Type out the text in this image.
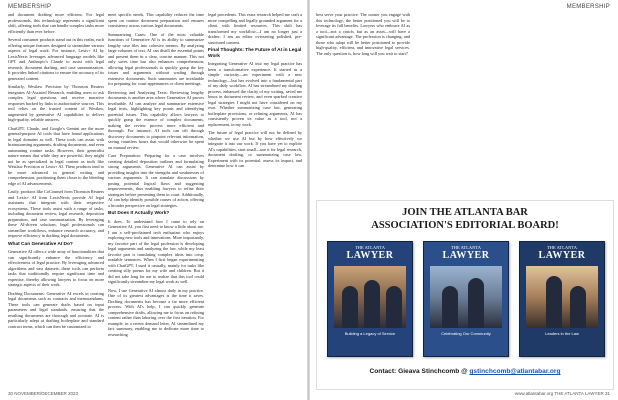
MEMBERSHIP

and document drafting more efficient. For legal professionals, this technology represents a significant shift, offering tools that can handle complex tasks more efficiently than ever before.

Several consumer products stand out in this realm, each offering unique features designed to streamline various aspects of legal work. For instance, Lexis+ AI by LexisNexis leverages advanced language models like GPT and Anthropic's Claude to assist with legal research, document drafting, and case summarization. It provides linked citations to ensure the accuracy of its generated content.

Similarly, Westlaw Precision by Thomson Reuters integrates AI-Assisted Research, enabling users to ask complex legal questions and receive narrative responses backed by links to authoritative sources. This tool relies on the trusted content of Westlaw, augmented by generative AI capabilities to deliver high-quality, reliable answers.

ChatGPT, Claude, and Google's Gemini are the more general-purpose AI tools that have found applications in legal domains as well. These tools can assist with brainstorming arguments, drafting documents, and even automating routine tasks. However, their generalist nature means that while they are powerful, they might not be as specialized in legal content as tools like Westlaw Precision or Lexis+ AI. These products tend to be more advanced in general writing and comprehension, positioning them closer to the bleeding edge of AI advancements.

Lastly, products like CoCounsel from Thomson Reuters and Lexis+ AI from LexisNexis provide AI legal assistants that integrate with their respective ecosystems. These tools assist with a range of tasks, including document review, legal research, deposition preparation, and case summarization. By leveraging these AI-driven solutions, legal professionals can streamline workflows, enhance research accuracy, and improve efficiency in drafting legal documents.

What Can Generative AI Do?

Generative AI offers a wide array of functionalities that can significantly enhance the efficiency and effectiveness of legal practice. By leveraging advanced algorithms and vast datasets, these tools can perform tasks that traditionally require significant time and expertise, thereby allowing lawyers to focus on more strategic aspects of their work.

Drafting Documents: Generative AI excels in creating legal documents such as contracts and memorandums. These tools can generate drafts based on input parameters and legal standards, ensuring that the resulting documents are thorough and accurate. AI is particularly adept at drafting boilerplate and standard contract terms, which can then be customized to

meet specific needs. This capability reduces the time spent on routine document preparation and ensures consistency across various legal documents.

Summarizing Cases: One of the most valuable functions of Generative AI is its ability to summarize lengthy case files into cohesive memos. By analyzing large volumes of text, AI can distill the essential points and present them in a clear, concise manner. This not only saves time but also enhances comprehension, allowing legal professionals to quickly grasp the key issues and arguments without wading through extensive documents. Such summaries are invaluable for preparing for court appearances or client meetings.

Reviewing and Analyzing Texts: Reviewing lengthy documents is another area where Generative AI proves invaluable. AI can analyze and summarize extensive legal texts, highlighting key points and identifying potential issues. This capability allows lawyers to quickly grasp the essence of complex documents, making the review process more efficient and thorough. For instance, AI tools can sift through discovery documents to pinpoint relevant information, saving countless hours that would otherwise be spent on manual review.

Case Preparation: Preparing for a case involves creating detailed deposition outlines and formulating strong arguments. Generative AI can assist by providing insights into the strengths and weaknesses of various arguments. It can simulate discussions by posing potential logical flaws and suggesting improvements, thus enabling lawyers to refine their strategies before presenting them in court. Additionally, AI can help identify possible causes of action, offering a broader perspective on legal strategies.

But Does It Actually Work?

It does. To understand how I came to rely on Generative AI, you first need to know a little about me. I am a self-proclaimed tech enthusiast who enjoys exploring new tools and innovations. More importantly, my favorite part of the legal profession is developing legal arguments and analyzing the law, while my least favorite part is translating complex ideas into crisp, readable sentences. When I first began experimenting with ChatGPT, I used it casually, mainly for tasks like creating silly poems for my wife and children. But it did not take long for me to realize that this tool could significantly streamline my legal work as well.

Now, I use Generative AI almost daily in my practice. One of its greatest advantages is the time it saves. Drafting documents has become a far more efficient process. With AI's help, I can quickly generate comprehensive drafts, allowing me to focus on refining content rather than laboring over the first iteration. For example, in a recent demand letter, AI streamlined my fact summary, enabling me to dedicate more time to researching

legal precedents. This extra research helped me craft a more compelling and legally grounded argument for a client with limited resources. This shift has transformed my workflow—I am no longer just a drafter; I am an editor overseeing polished, pre-structured content.

Final Thoughts: The Future of AI in Legal Work

Integrating Generative AI into my legal practice has been a transformative experience. It started as a simple curiosity—an experiment with a new technology—but has evolved into a fundamental part of my daily workflow. AI has streamlined my drafting process, enhanced the clarity of my writing, saved me hours in document review, and even sparked creative legal strategies I might not have considered on my own. Whether summarizing case law, generating boilerplate provisions, or refining arguments, AI has consistently proven its value as a tool, not a replacement, in my work.

The future of legal practice will not be defined by whether we use AI but by how effectively we integrate it into our work. If you have yet to explore AI's capabilities, start small—use it for legal research, document drafting, or summarizing case law. Experiment with its potential, assess its impact, and determine how it can

30 NOVEMBER/DECEMBER 2023
MEMBERSHIP

best serve your practice. The sooner you engage with this technology, the better positioned you will be to leverage its full benefits. Lawyers who embrace AI as a tool—not a crutch, but as an asset—will have a significant advantage. The profession is changing, and those who adapt will be better positioned to provide high-quality, efficient, and innovative legal services. The only question is, how long will you wait to start?

JOIN THE ATLANTA BAR
ASSOCIATION'S EDITORIAL BOARD!
THE ATLANTA
LAWYER
Building a Legacy of Service
THE ATLANTA
LAWYER
Celebrating Our Community
THE ATLANTA
LAWYER
Leaders in the Law
Contact: Gieava Stinchcomb @ gstinchcomb@atlantabar.org
www.atlantabar.org THE ATLANTA LAWYER 31
